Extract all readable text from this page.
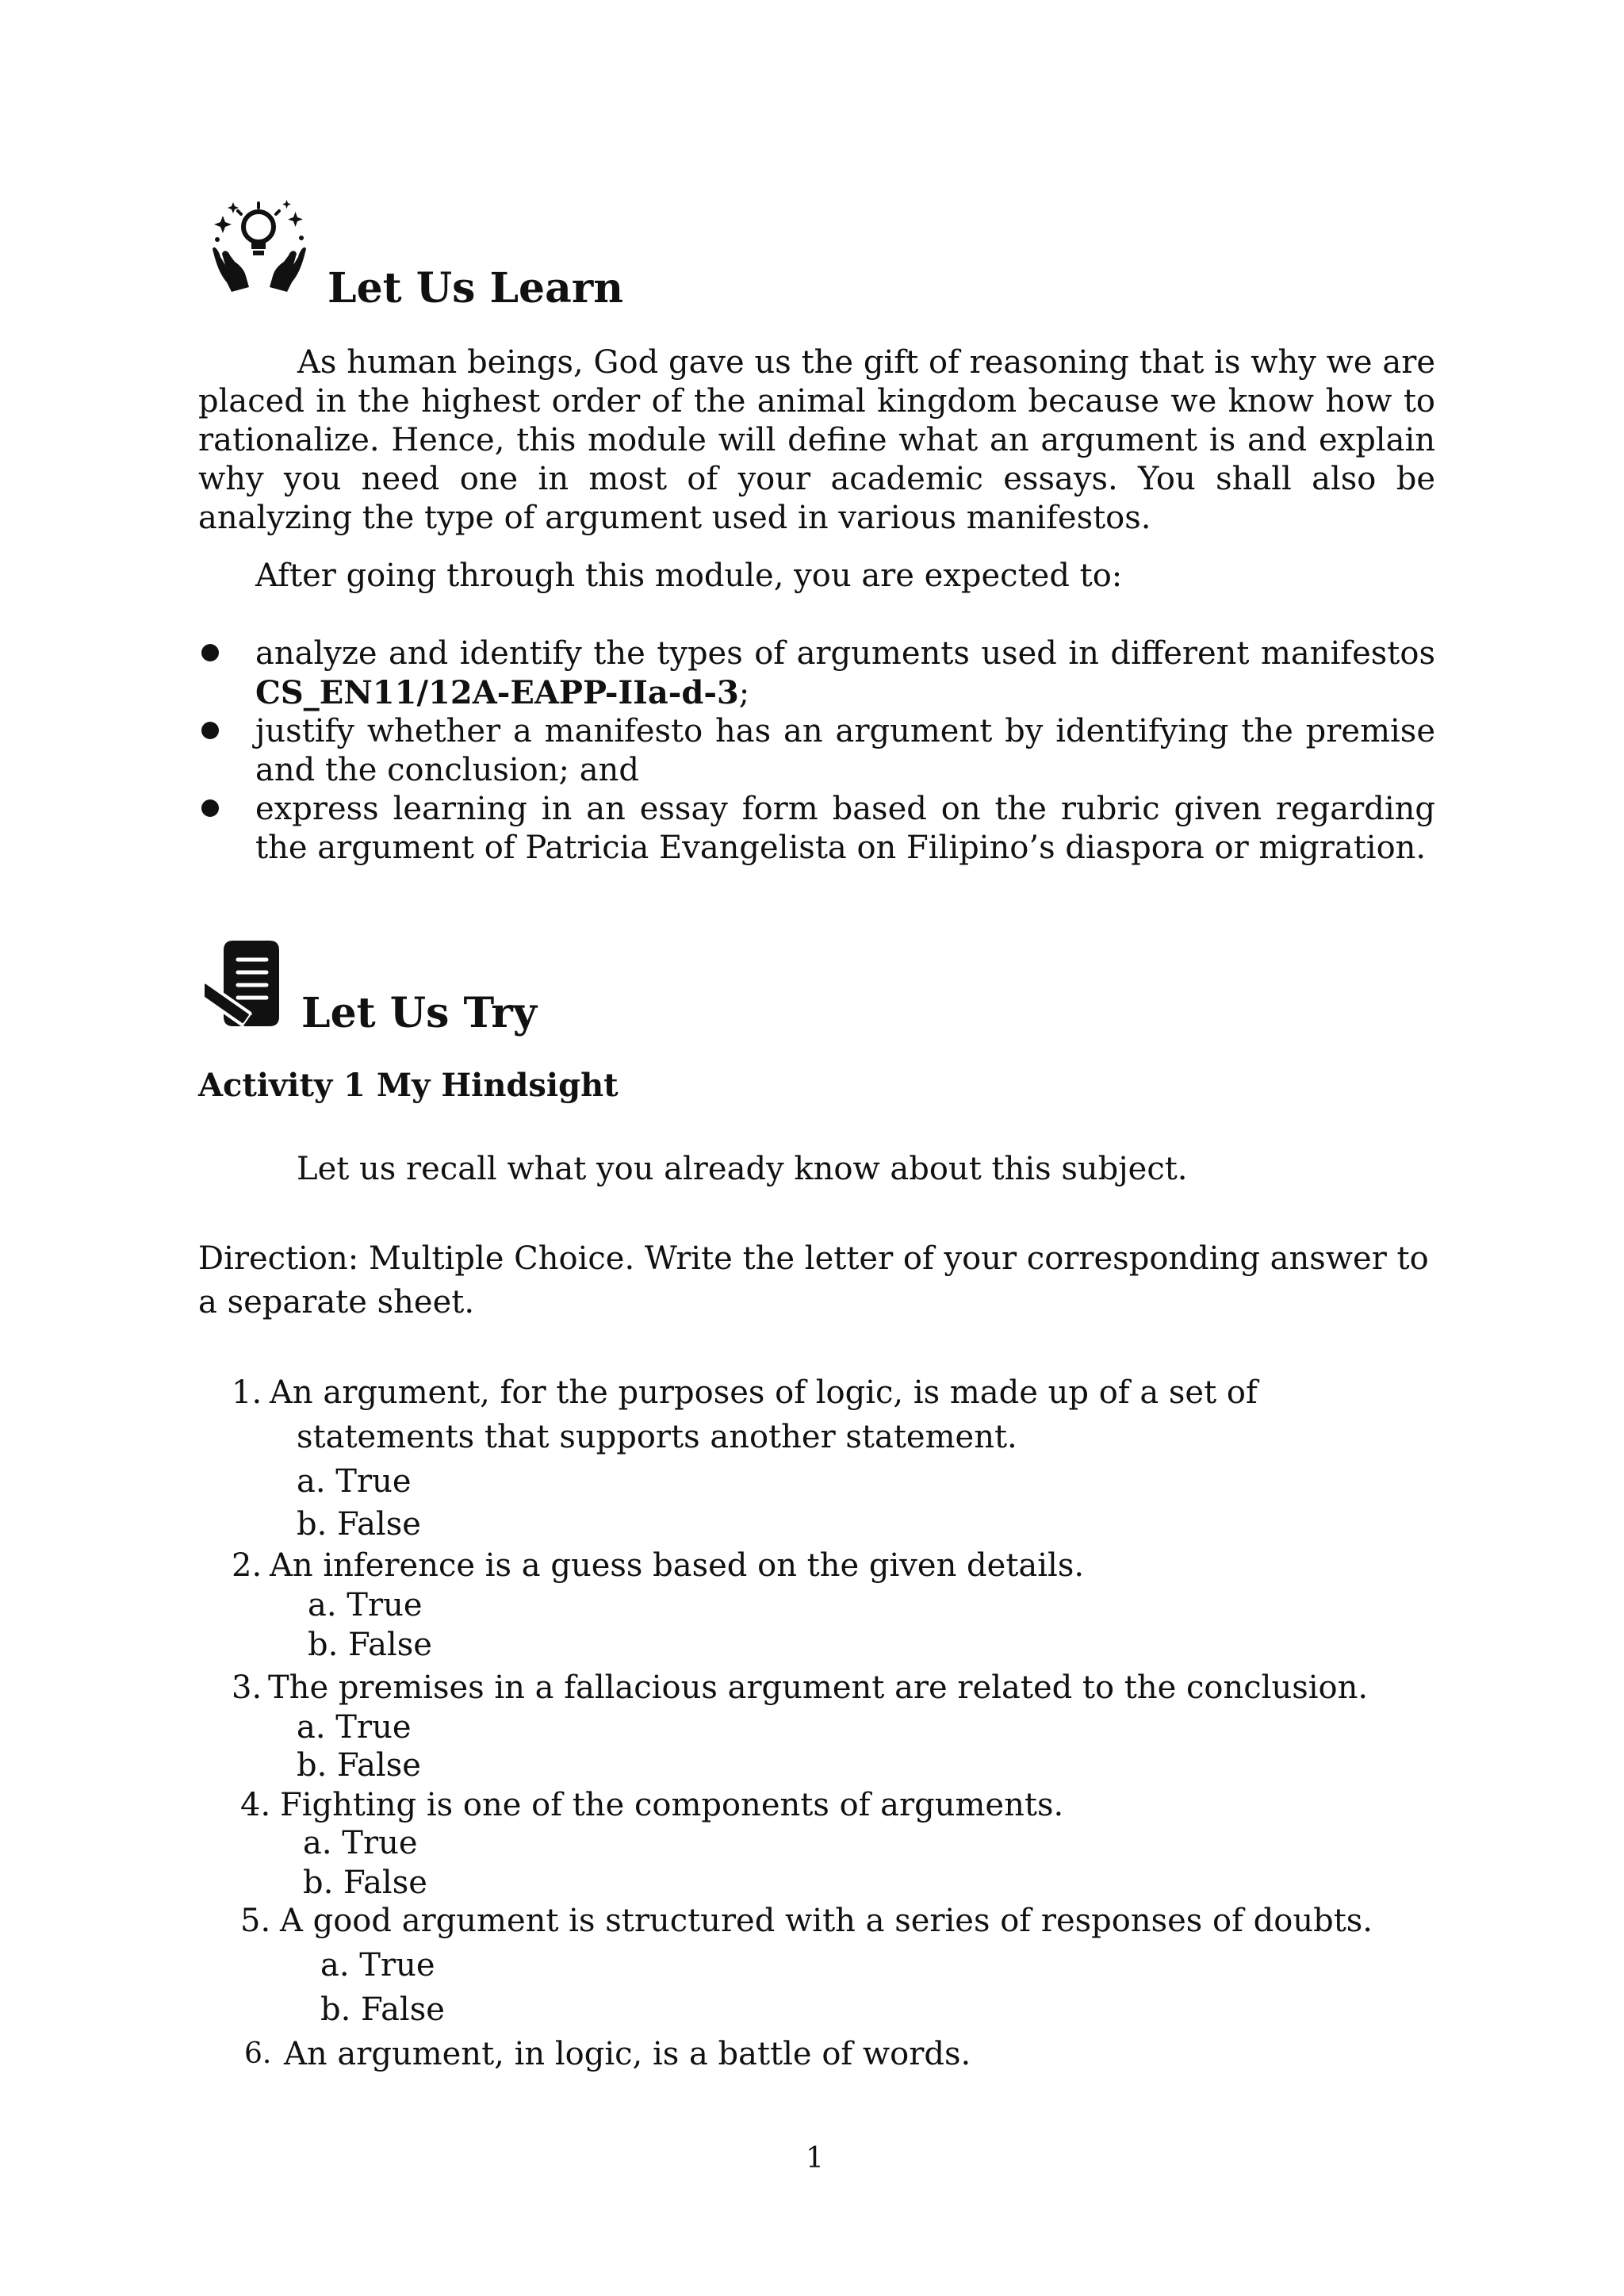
Let Us Learn

As human beings, God gave us the gift of reasoning that is why we are placed in the highest order of the animal kingdom because we know how to rationalize. Hence, this module will define what an argument is and explain why you need one in most of your academic essays. You shall also be analyzing the type of argument used in various manifestos.

After going through this module, you are expected to:

analyze and identify the types of arguments used in different manifestos CS_EN11/12A-EAPP-IIa-d-3;

justify whether a manifesto has an argument by identifying the premise and the conclusion; and

express learning in an essay form based on the rubric given regarding the argument of Patricia Evangelista on Filipino’s diaspora or migration.

Let Us Try

Activity 1 My Hindsight

Let us recall what you already know about this subject.

Direction: Multiple Choice. Write the letter of your corresponding answer to

a separate sheet.

1. An argument, for the purposes of logic, is made up of a set of

statements that supports another statement.

a. True

b. False

2. An inference is a guess based on the given details.

a. True

b. False

3. The premises in a fallacious argument are related to the conclusion.

a. True

b. False

4. Fighting is one of the components of arguments.

a. True

b. False

5. A good argument is structured with a series of responses of doubts.

a. True

b. False

6. An argument, in logic, is a battle of words.

1
